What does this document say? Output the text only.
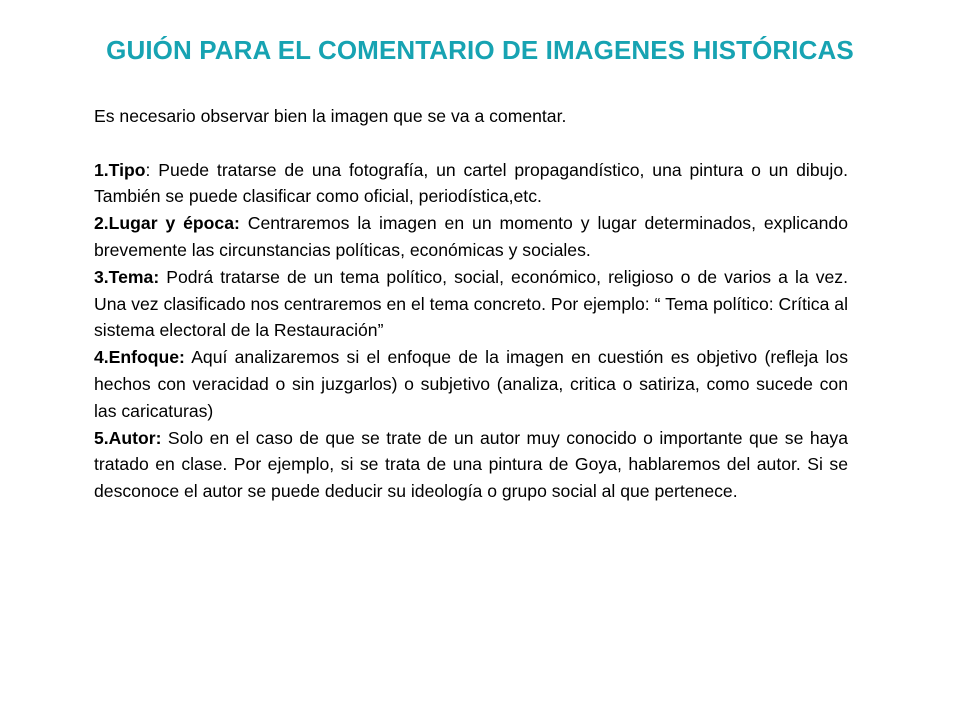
GUIÓN PARA EL COMENTARIO DE IMAGENES HISTÓRICAS

Es necesario observar bien la imagen que se va a comentar.

1.Tipo: Puede tratarse de una fotografía, un cartel propagandístico, una pintura o un dibujo. También se puede clasificar como oficial, periodística,etc.

2.Lugar y época: Centraremos la imagen en un momento y lugar determinados, explicando brevemente las circunstancias políticas, económicas y sociales.

3.Tema: Podrá tratarse de un tema político, social, económico, religioso o de varios a la vez. Una vez clasificado nos centraremos en el tema concreto. Por ejemplo: “ Tema político: Crítica al sistema electoral de la Restauración”

4.Enfoque: Aquí analizaremos si el enfoque de la imagen en cuestión es objetivo (refleja los hechos con veracidad o sin juzgarlos) o subjetivo (analiza, critica o satiriza, como sucede con las caricaturas)

5.Autor: Solo en el caso de que se trate de un autor muy conocido o importante que se haya tratado en clase. Por ejemplo, si se trata de una pintura de Goya, hablaremos del autor. Si se desconoce el autor se puede deducir su ideología o grupo social al que pertenece.
